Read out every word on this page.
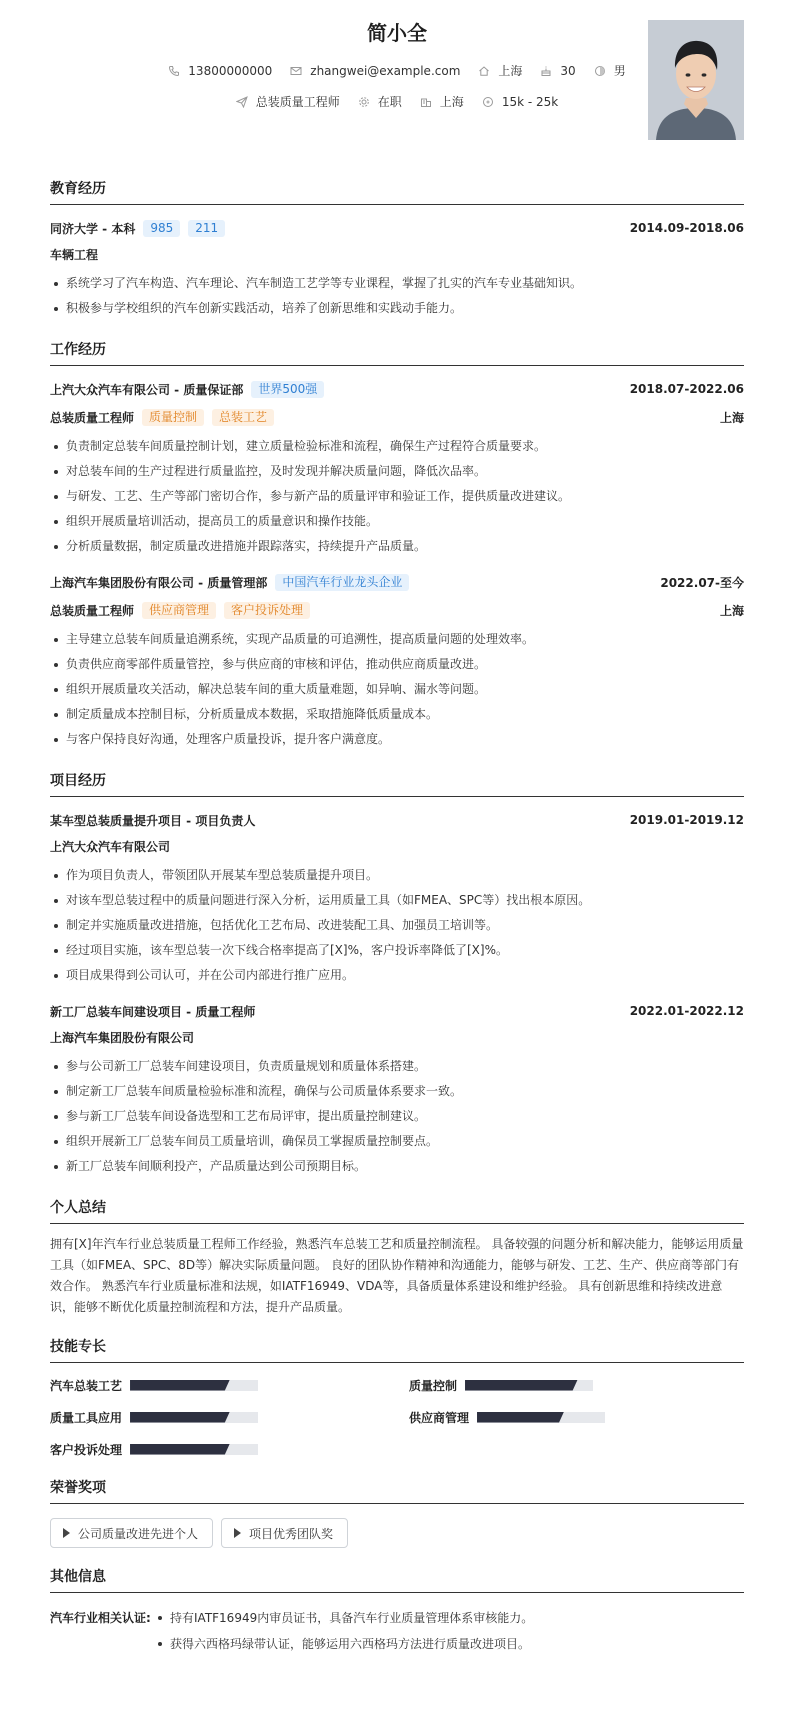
简小全
13800000000	zhangwei@example.com	上海	30	男
总装质量工程师	在职	上海	15k - 25k
教育经历
同济大学 - 本科	985	211	2014.09-2018.06
车辆工程
系统学习了汽车构造、汽车理论、汽车制造工艺学等专业课程，掌握了扎实的汽车专业基础知识。
积极参与学校组织的汽车创新实践活动，培养了创新思维和实践动手能力。
工作经历
上汽大众汽车有限公司 - 质量保证部	世界500强	2018.07-2022.06
总装质量工程师	质量控制	总装工艺	上海
负责制定总装车间质量控制计划，建立质量检验标准和流程，确保生产过程符合质量要求。
对总装车间的生产过程进行质量监控，及时发现并解决质量问题，降低次品率。
与研发、工艺、生产等部门密切合作，参与新产品的质量评审和验证工作，提供质量改进建议。
组织开展质量培训活动，提高员工的质量意识和操作技能。
分析质量数据，制定质量改进措施并跟踪落实，持续提升产品质量。
上海汽车集团股份有限公司 - 质量管理部	中国汽车行业龙头企业	2022.07-至今
总装质量工程师	供应商管理	客户投诉处理	上海
主导建立总装车间质量追溯系统，实现产品质量的可追溯性，提高质量问题的处理效率。
负责供应商零部件质量管控，参与供应商的审核和评估，推动供应商质量改进。
组织开展质量攻关活动，解决总装车间的重大质量难题，如异响、漏水等问题。
制定质量成本控制目标，分析质量成本数据，采取措施降低质量成本。
与客户保持良好沟通，处理客户质量投诉，提升客户满意度。
项目经历
某车型总装质量提升项目 - 项目负责人	2019.01-2019.12
上汽大众汽车有限公司
作为项目负责人，带领团队开展某车型总装质量提升项目。
对该车型总装过程中的质量问题进行深入分析，运用质量工具（如FMEA、SPC等）找出根本原因。
制定并实施质量改进措施，包括优化工艺布局、改进装配工具、加强员工培训等。
经过项目实施，该车型总装一次下线合格率提高了[X]%，客户投诉率降低了[X]%。
项目成果得到公司认可，并在公司内部进行推广应用。
新工厂总装车间建设项目 - 质量工程师	2022.01-2022.12
上海汽车集团股份有限公司
参与公司新工厂总装车间建设项目，负责质量规划和质量体系搭建。
制定新工厂总装车间质量检验标准和流程，确保与公司质量体系要求一致。
参与新工厂总装车间设备选型和工艺布局评审，提出质量控制建议。
组织开展新工厂总装车间员工质量培训，确保员工掌握质量控制要点。
新工厂总装车间顺利投产，产品质量达到公司预期目标。
个人总结
拥有[X]年汽车行业总装质量工程师工作经验，熟悉汽车总装工艺和质量控制流程。 具备较强的问题分析和解决能力，能够运用质量工具（如FMEA、SPC、8D等）解决实际质量问题。 良好的团队协作精神和沟通能力，能够与研发、工艺、生产、供应商等部门有效合作。 熟悉汽车行业质量标准和法规，如IATF16949、VDA等，具备质量体系建设和维护经验。 具有创新思维和持续改进意识，能够不断优化质量控制流程和方法，提升产品质量。
技能专长
汽车总装工艺	质量控制
质量工具应用	供应商管理
客户投诉处理
荣誉奖项
公司质量改进先进个人	项目优秀团队奖
其他信息
汽车行业相关认证:	持有IATF16949内审员证书，具备汽车行业质量管理体系审核能力。
获得六西格玛绿带认证，能够运用六西格玛方法进行质量改进项目。
